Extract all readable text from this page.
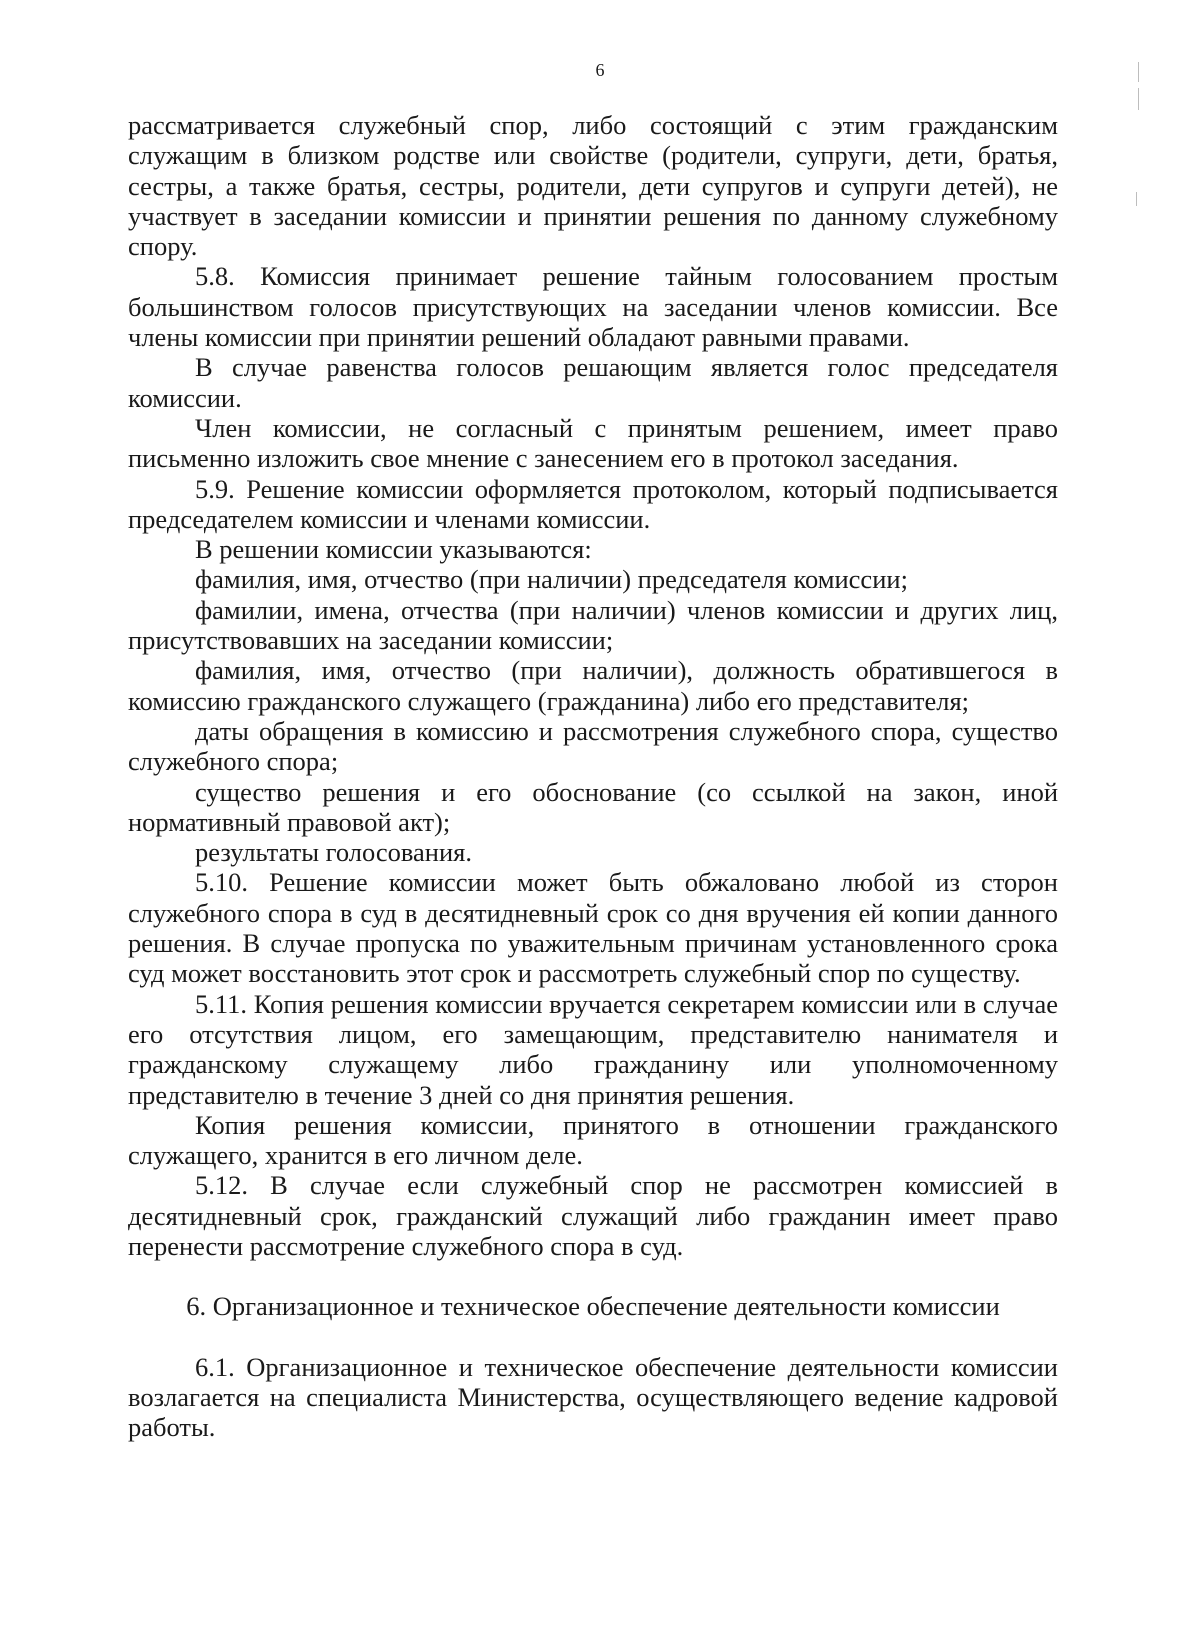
6

рассматривается служебный спор, либо состоящий с этим гражданским служащим в близком родстве или свойстве (родители, супруги, дети, братья, сестры, а также братья, сестры, родители, дети супругов и супруги детей), не участвует в заседании комиссии и принятии решения по данному служебному спору.

5.8. Комиссия принимает решение тайным голосованием простым большинством голосов присутствующих на заседании членов комиссии. Все члены комиссии при принятии решений обладают равными правами.

В случае равенства голосов решающим является голос председателя комиссии.

Член комиссии, не согласный с принятым решением, имеет право письменно изложить свое мнение с занесением его в протокол заседания.

5.9. Решение комиссии оформляется протоколом, который подписывается председателем комиссии и членами комиссии.

В решении комиссии указываются:

фамилия, имя, отчество (при наличии) председателя комиссии;

фамилии, имена, отчества (при наличии) членов комиссии и других лиц, присутствовавших на заседании комиссии;

фамилия, имя, отчество (при наличии), должность обратившегося в комиссию гражданского служащего (гражданина) либо его представителя;

даты обращения в комиссию и рассмотрения служебного спора, существо служебного спора;

существо решения и его обоснование (со ссылкой на закон, иной нормативный правовой акт);

результаты голосования.

5.10. Решение комиссии может быть обжаловано любой из сторон служебного спора в суд в десятидневный срок со дня вручения ей копии данного решения. В случае пропуска по уважительным причинам установленного срока суд может восстановить этот срок и рассмотреть служебный спор по существу.

5.11. Копия решения комиссии вручается секретарем комиссии или в случае его отсутствия лицом, его замещающим, представителю нанимателя и гражданскому служащему либо гражданину или уполномоченному представителю в течение 3 дней со дня принятия решения.

Копия решения комиссии, принятого в отношении гражданского служащего, хранится в его личном деле.

5.12. В случае если служебный спор не рассмотрен комиссией в десятидневный срок, гражданский служащий либо гражданин имеет право перенести рассмотрение служебного спора в суд.

6. Организационное и техническое обеспечение деятельности комиссии

6.1. Организационное и техническое обеспечение деятельности комиссии возлагается на специалиста Министерства, осуществляющего ведение кадровой работы.
